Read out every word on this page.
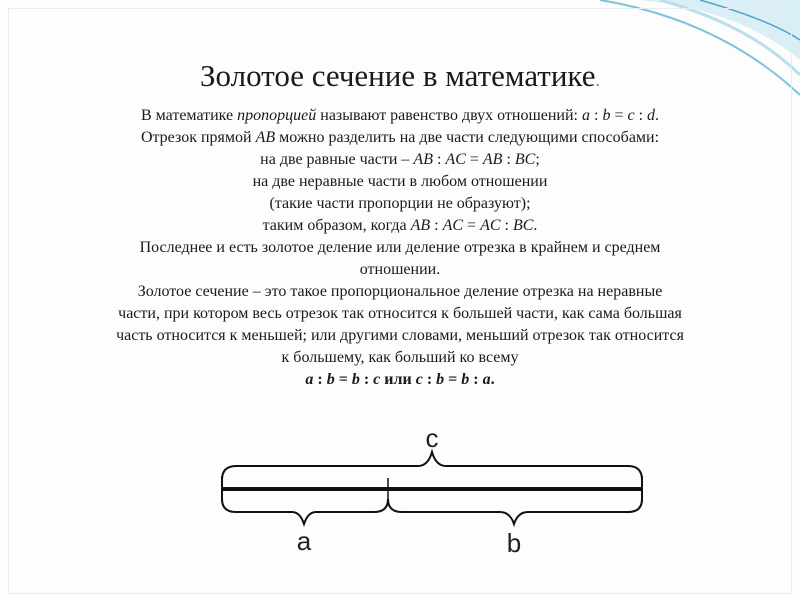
Золотое сечение в математике.
В математике пропорцией называют равенство двух отношений: a : b = c : d.
Отрезок прямой AB можно разделить на две части следующими способами:
на две равные части – AB : AC = AB : BC;
на две неравные части в любом отношении
(такие части пропорции не образуют);
таким образом, когда AB : AC = AC : BC.
Последнее и есть золотое деление или деление отрезка в крайнем и среднем
отношении.
Золотое сечение – это такое пропорциональное деление отрезка на неравные
части, при котором весь отрезок так относится к большей части, как сама большая
часть относится к меньшей; или другими словами, меньший отрезок так относится
к большему, как больший ко всему
a : b = b : c или c : b = b : a.
c
a	b
